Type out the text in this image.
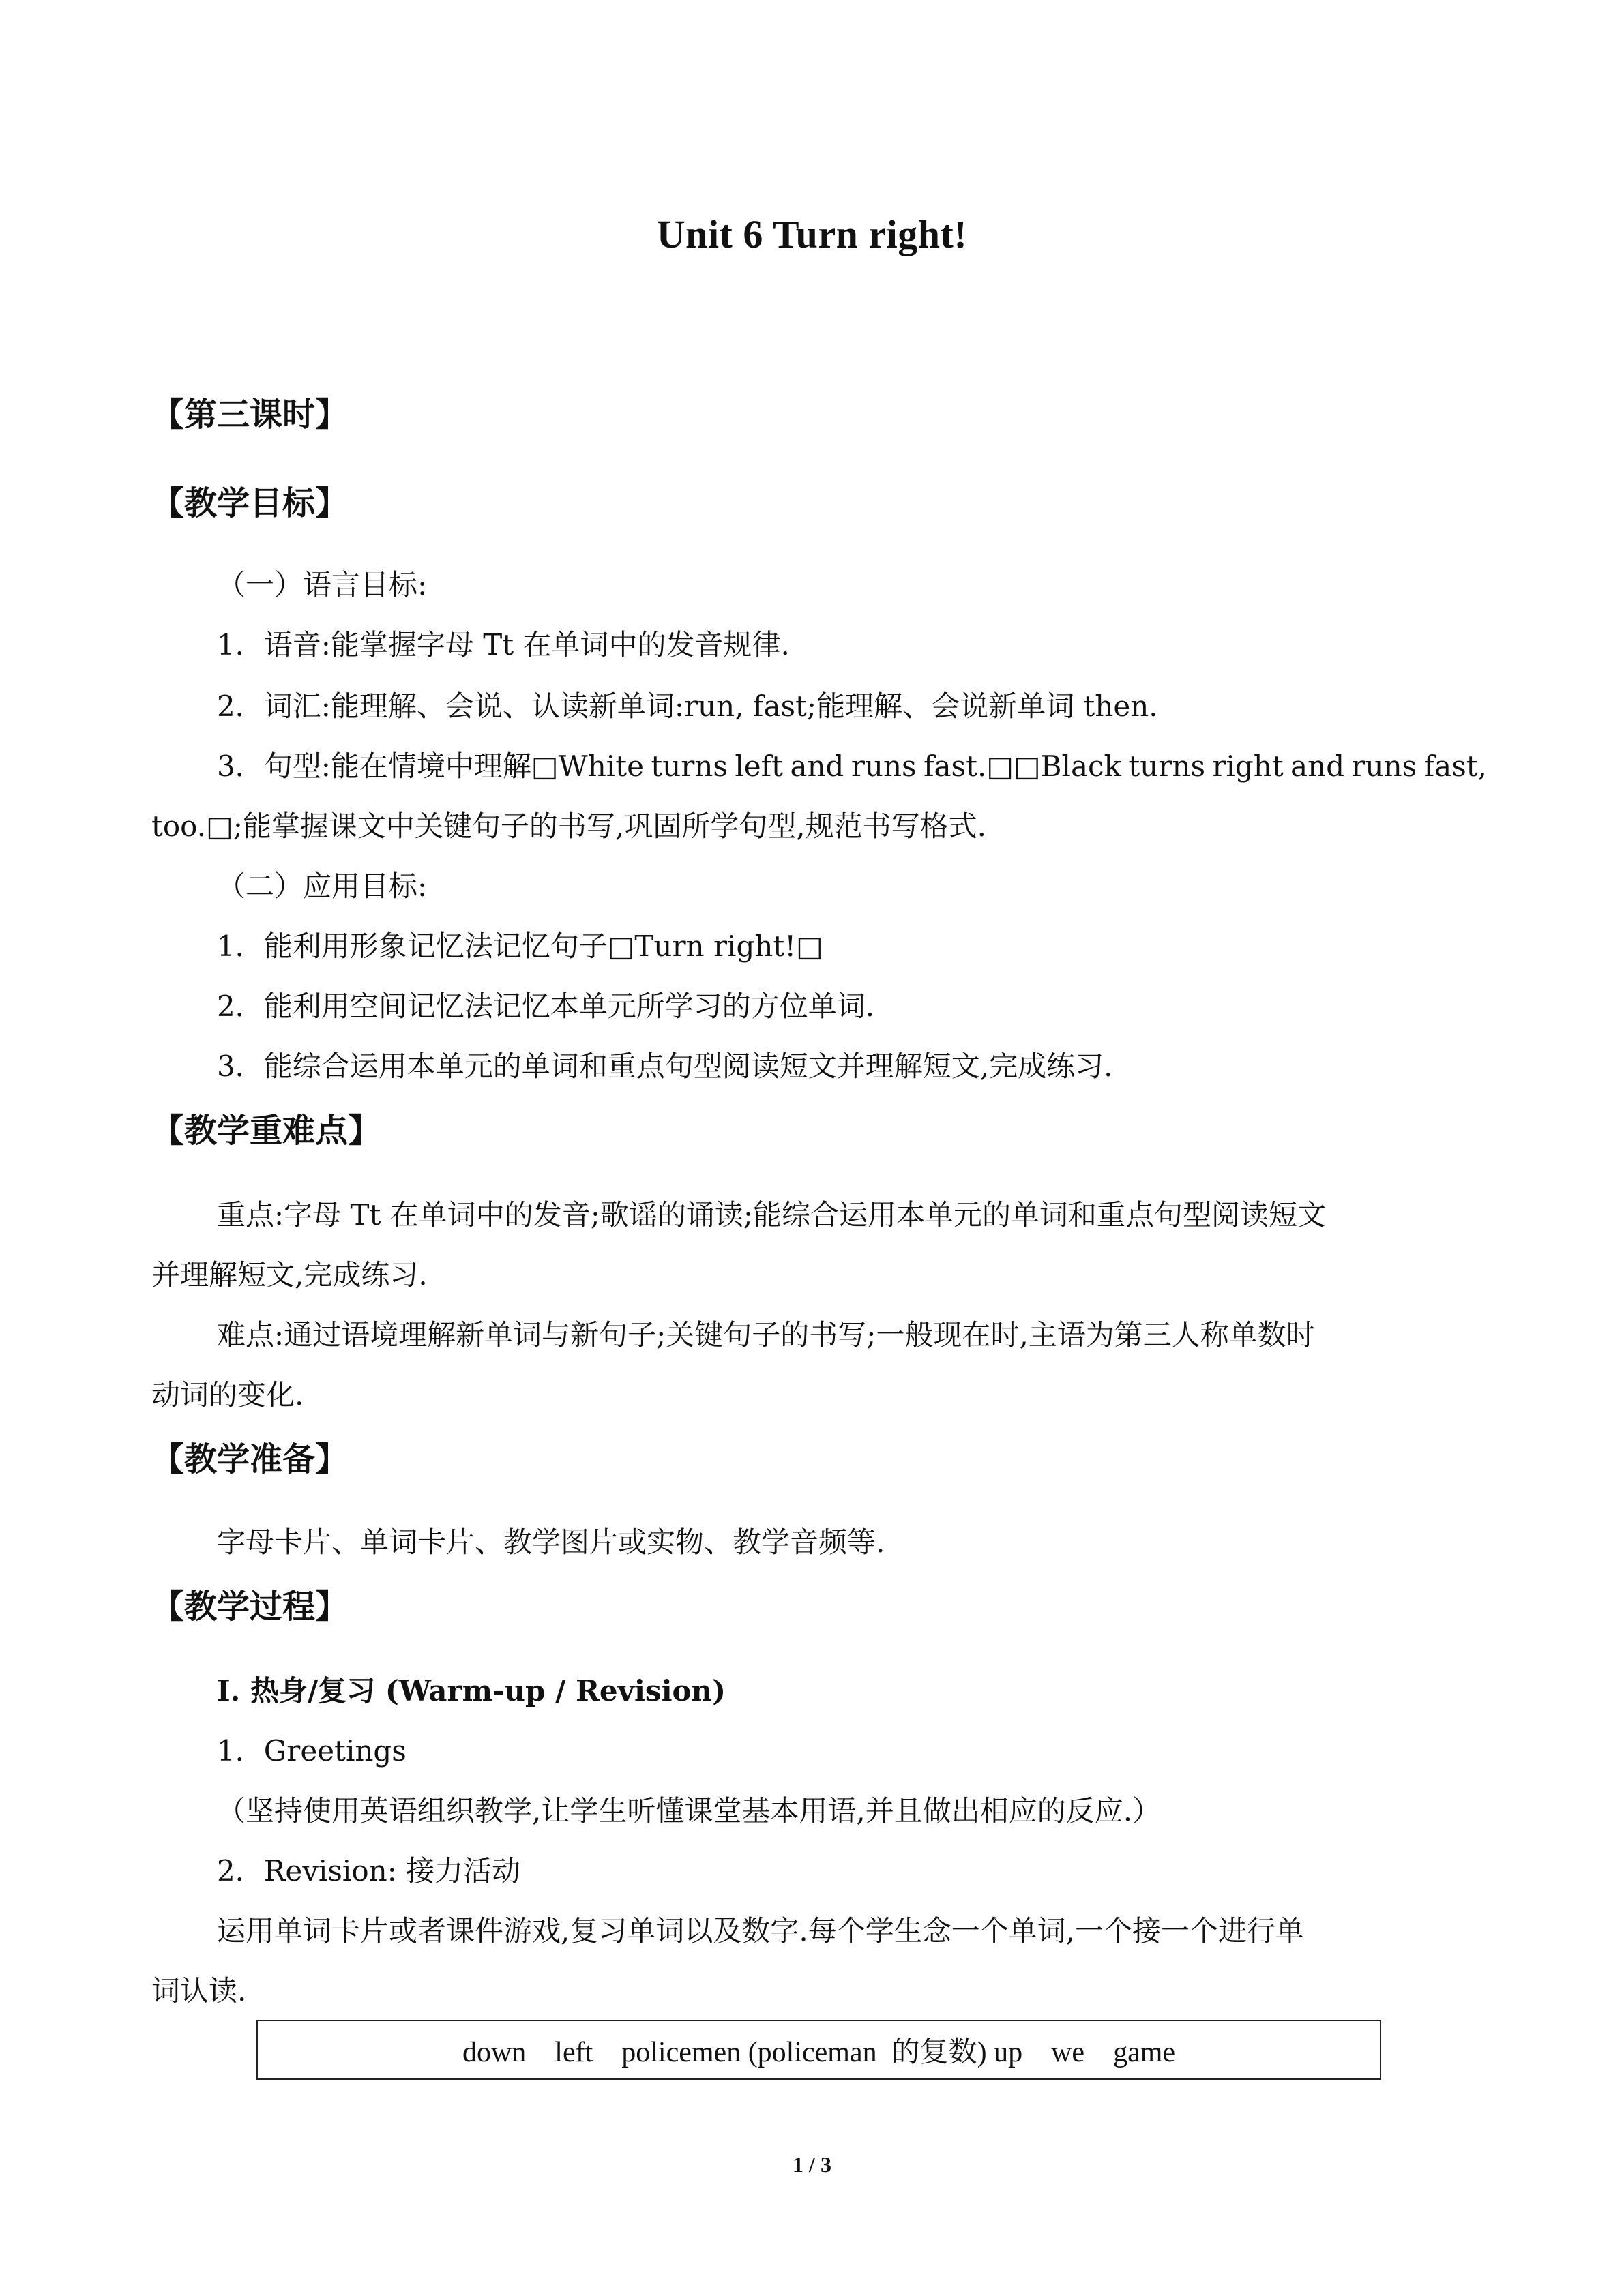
Unit 6 Turn right!
【第三课时】
【教学目标】
（一）语言目标:
1．语音:能掌握字母 Tt 在单词中的发音规律.
2．词汇:能理解、会说、认读新单词:run, fast;能理解、会说新单词 then.
3．句型:能在情境中理解□White turns left and runs fast.□□Black turns right and runs fast,
too.□;能掌握课文中关键句子的书写,巩固所学句型,规范书写格式.
（二）应用目标:
1．能利用形象记忆法记忆句子□Turn right!□
2．能利用空间记忆法记忆本单元所学习的方位单词.
3．能综合运用本单元的单词和重点句型阅读短文并理解短文,完成练习.
【教学重难点】
重点:字母 Tt 在单词中的发音;歌谣的诵读;能综合运用本单元的单词和重点句型阅读短文
并理解短文,完成练习.
难点:通过语境理解新单词与新句子;关键句子的书写;一般现在时,主语为第三人称单数时
动词的变化.
【教学准备】
字母卡片、单词卡片、教学图片或实物、教学音频等.
【教学过程】
I. 热身/复习 (Warm-up / Revision)
1．Greetings
（坚持使用英语组织教学,让学生听懂课堂基本用语,并且做出相应的反应.）
2．Revision: 接力活动
运用单词卡片或者课件游戏,复习单词以及数字.每个学生念一个单词,一个接一个进行单
词认读.
down    left    policemen (policeman  的复数) up    we    game
1 / 3
